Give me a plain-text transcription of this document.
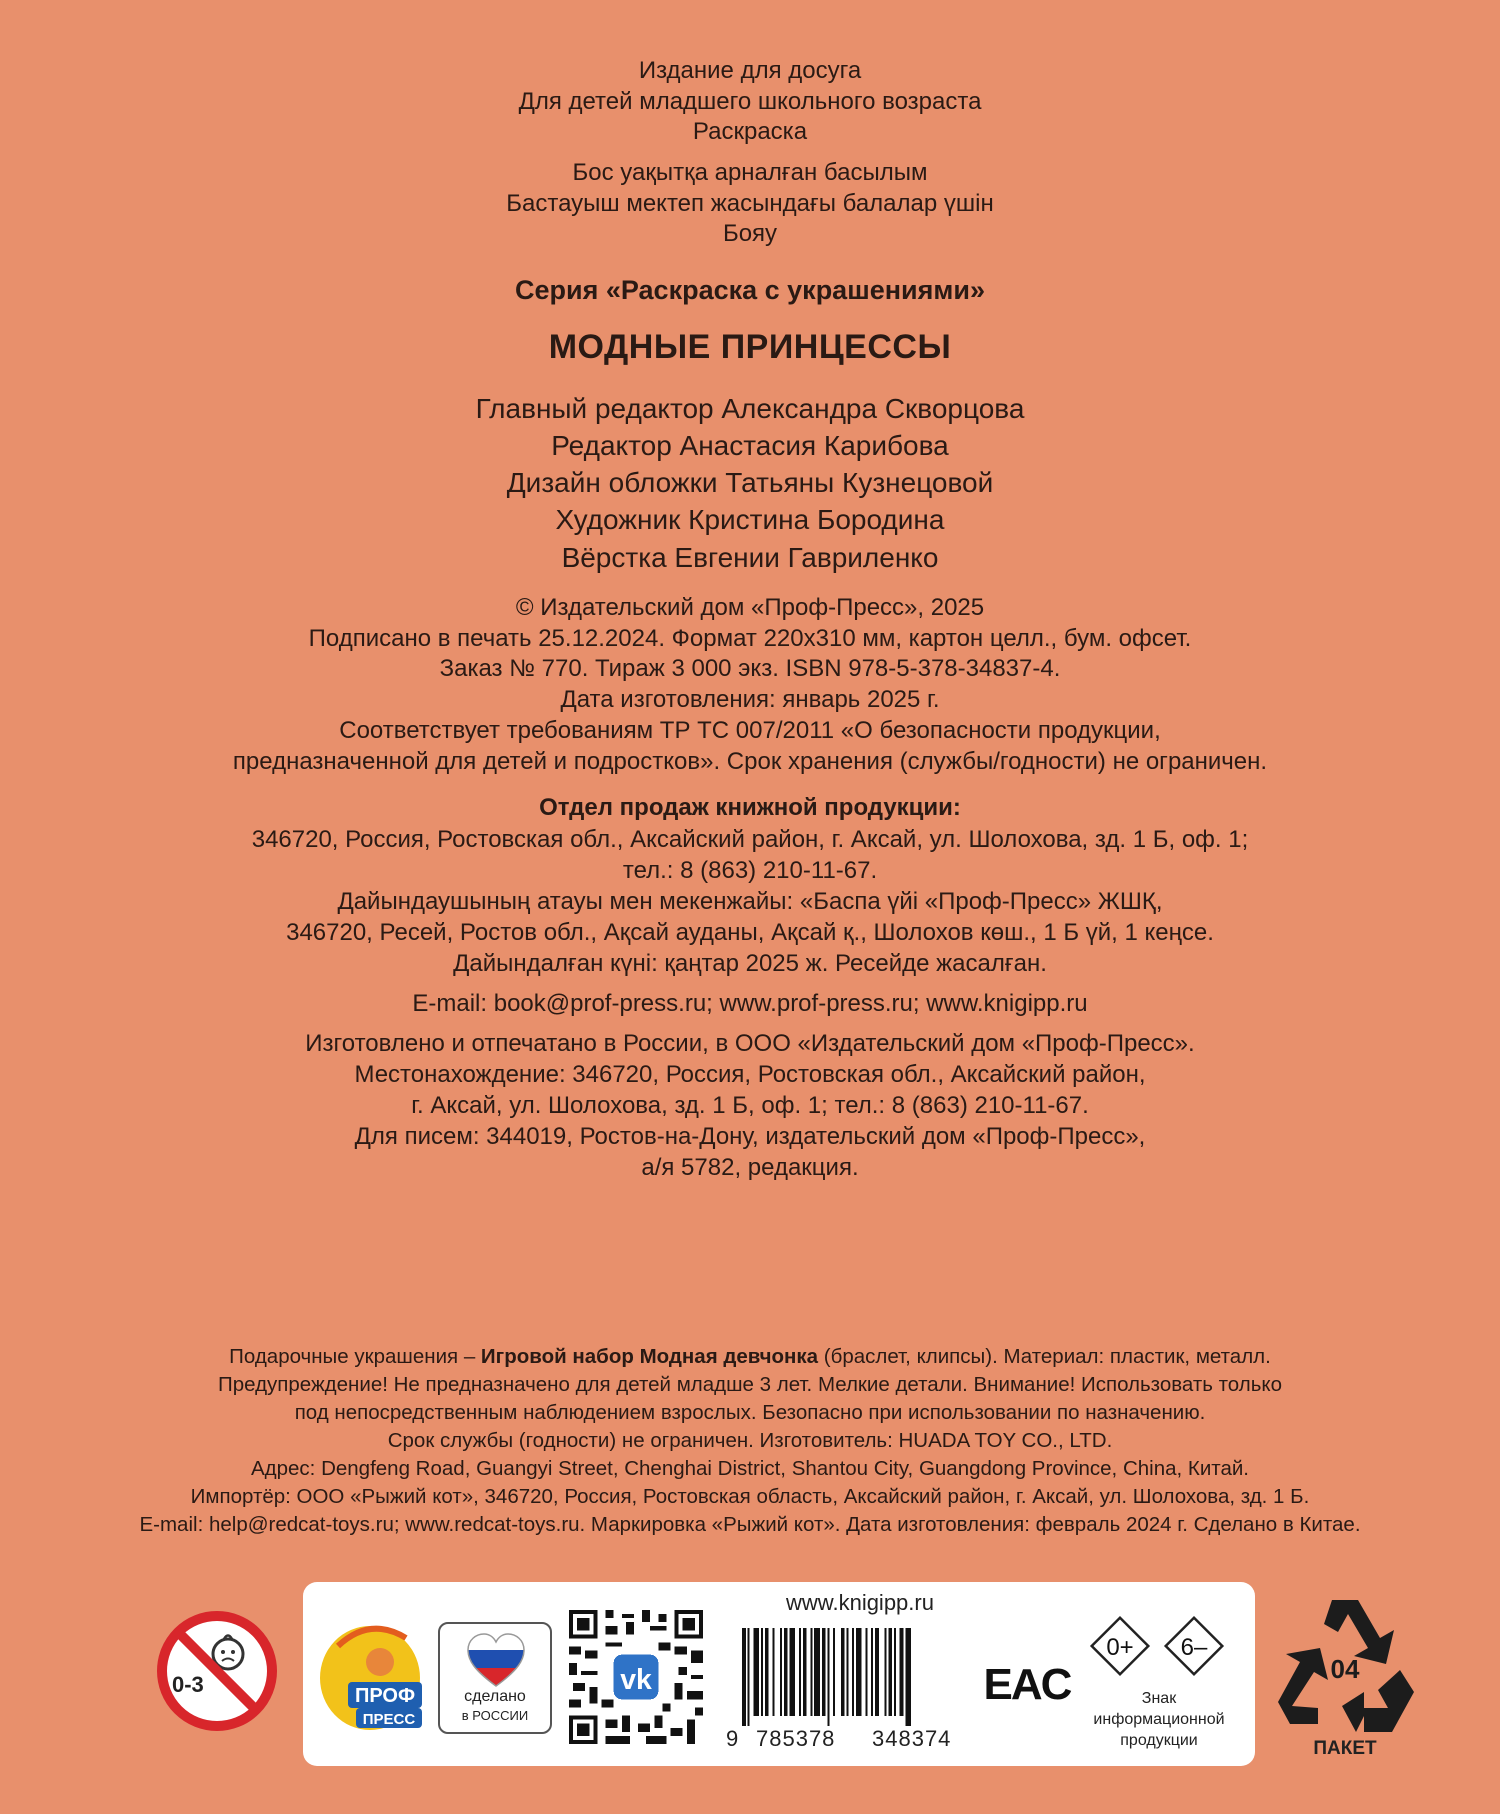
Издание для досуга
Для детей младшего школьного возраста
Раскраска
Бос уақытқа арналған басылым
Бастауыш мектеп жасындағы балалар үшін
Бояу
Серия «Раскраска с украшениями»
МОДНЫЕ ПРИНЦЕССЫ
Главный редактор Александра Скворцова
Редактор Анастасия Карибова
Дизайн обложки Татьяны Кузнецовой
Художник Кристина Бородина
Вёрстка Евгении Гавриленко
© Издательский дом «Проф-Пресс», 2025
Подписано в печать 25.12.2024. Формат 220х310 мм, картон целл., бум. офсет.
Заказ № 770. Тираж 3 000 экз. ISBN 978-5-378-34837-4.
Дата изготовления: январь 2025 г.
Соответствует требованиям ТР ТС 007/2011 «О безопасности продукции,
предназначенной для детей и подростков». Срок хранения (службы/годности) не ограничен.
Отдел продаж книжной продукции:
346720, Россия, Ростовская обл., Аксайский район, г. Аксай, ул. Шолохова, зд. 1 Б, оф. 1;
тел.: 8 (863) 210-11-67.
Дайындаушының атауы мен мекенжайы: «Баспа үйі «Проф-Пресс» ЖШҚ,
346720, Ресей, Ростов обл., Ақсай ауданы, Ақсай қ., Шолохов көш., 1 Б үй, 1 кеңсе.
Дайындалған күні: қаңтар 2025 ж. Ресейде жасалған.
E-mail: book@prof-press.ru; www.prof-press.ru; www.knigipp.ru
Изготовлено и отпечатано в России, в ООО «Издательский дом «Проф-Пресс».
Местонахождение: 346720, Россия, Ростовская обл., Аксайский район,
г. Аксай, ул. Шолохова, зд. 1 Б, оф. 1; тел.: 8 (863) 210-11-67.
Для писем: 344019, Ростов-на-Дону, издательский дом «Проф-Пресс»,
а/я 5782, редакция.
Подарочные украшения – Игровой набор Модная девчонка (браслет, клипсы). Материал: пластик, металл.
Предупреждение! Не предназначено для детей младше 3 лет. Мелкие детали. Внимание! Использовать только
под непосредственным наблюдением взрослых. Безопасно при использовании по назначению.
Срок службы (годности) не ограничен. Изготовитель: HUADA TOY CO., LTD.
Адрес: Dengfeng Road, Guangyi Street, Chenghai District, Shantou City, Guangdong Province, China, Китай.
Импортёр: ООО «Рыжий кот», 346720, Россия, Ростовская область, Аксайский район, г. Аксай, ул. Шолохова, зд. 1 Б.
E-mail: help@redcat-toys.ru; www.redcat-toys.ru. Маркировка «Рыжий кот». Дата изготовления: февраль 2024 г. Сделано в Китае.
www.knigipp.ru
0-3	ПРОФ
ПРЕСС
сделано
в РОССИИ
vk
9 785378 348374
EAC
0+ 6–
Знак
информационной
продукции
04
ПАКЕТ
